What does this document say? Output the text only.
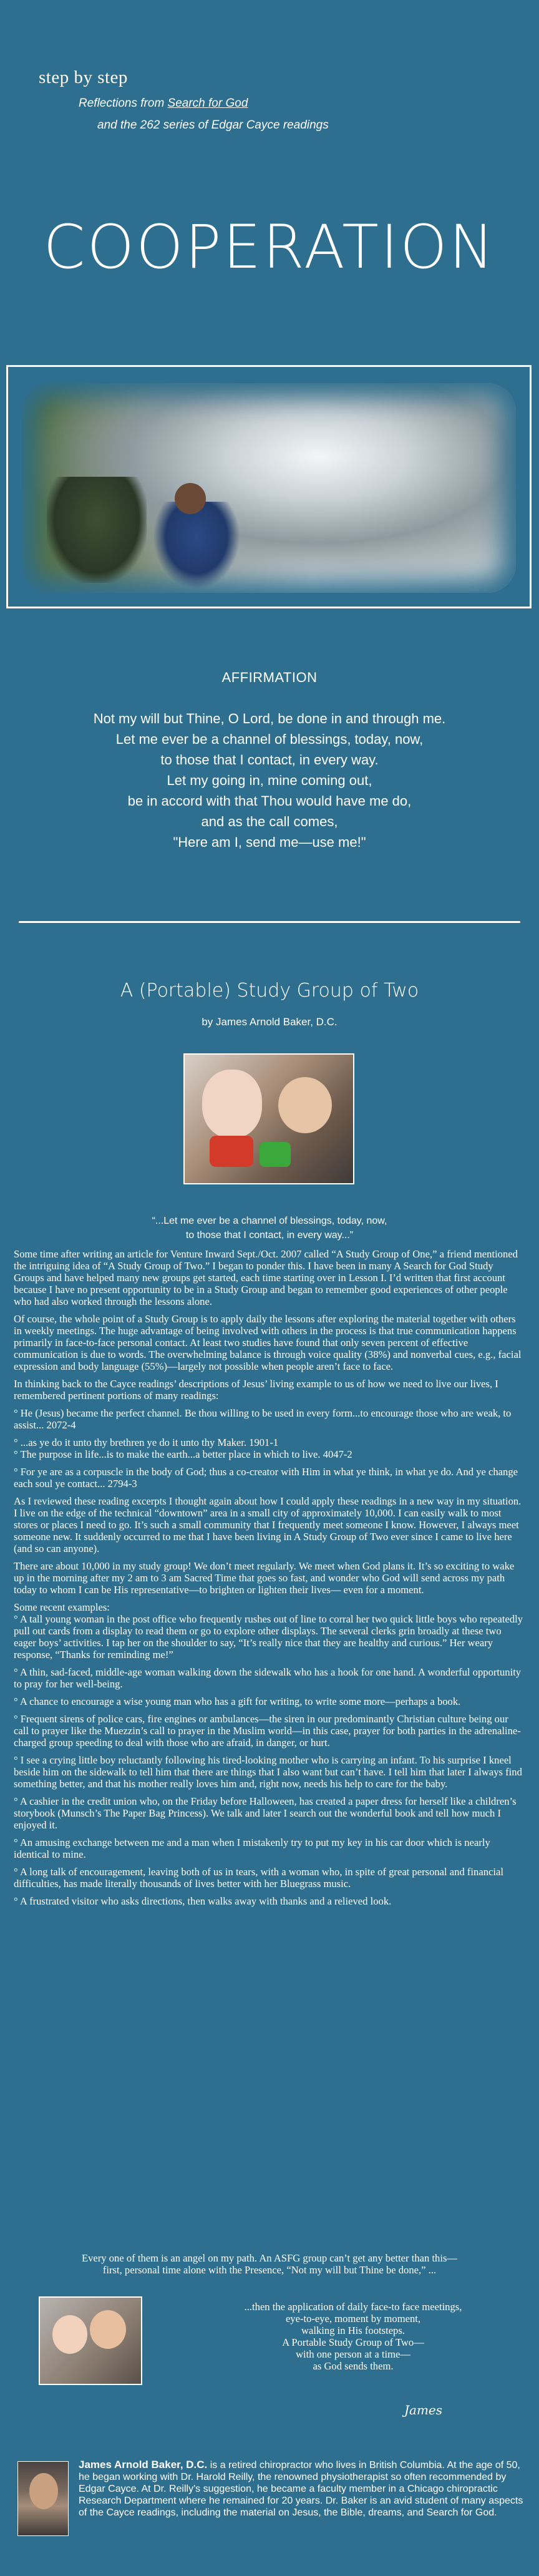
step by step
Reflections from Search for God
and the 262 series of Edgar Cayce readings
COOPERATION
AFFIRMATION

Not my will but Thine, O Lord, be done in and through me.

Let me ever be a channel of blessings, today, now,

to those that I contact, in every way.

Let my going in, mine coming out,

be in accord with that Thou would have me do,

and as the call comes,

"Here am I, send me—use me!"

A (Portable) Study Group of Two
by James Arnold Baker, D.C.
“...Let me ever be a channel of blessings, today, now,
to those that I contact, in every way...”

Some time after writing an article for Venture Inward Sept./Oct. 2007 called “A Study Group of One,” a friend mentioned the intriguing idea of “A Study Group of Two.” I began to ponder this. I have been in many A Search for God Study Groups and have helped many new groups get started, each time starting over in Lesson I. I’d written that first account because I have no present opportunity to be in a Study Group and began to remember good experiences of other people who had also worked through the lessons alone.

Of course, the whole point of a Study Group is to apply daily the lessons after exploring the material together with others in weekly meetings. The huge advantage of being involved with others in the process is that true communication happens primarily in face-to-face personal contact. At least two studies have found that only seven percent of effective communication is due to words. The overwhelming balance is through voice quality (38%) and nonverbal cues, e.g., facial expression and body language (55%)—largely not possible when people aren’t face to face.

In thinking back to the Cayce readings’ descriptions of Jesus’ living example to us of how we need to live our lives, I remembered pertinent portions of many readings:

° He (Jesus) became the perfect channel. Be thou willing to be used in every form...to encourage those who are weak, to assist... 2072-4

° ...as ye do it unto thy brethren ye do it unto thy Maker. 1901-1

° The purpose in life...is to make the earth...a better place in which to live. 4047-2

° For ye are as a corpuscle in the body of God; thus a co-creator with Him in what ye think, in what ye do. And ye change each soul ye contact... 2794-3

As I reviewed these reading excerpts I thought again about how I could apply these readings in a new way in my situation. I live on the edge of the technical “downtown” area in a small city of approximately 10,000. I can easily walk to most stores or places I need to go. It’s such a small community that I frequently meet someone I know. However, I always meet someone new. It suddenly occurred to me that I have been living in A Study Group of Two ever since I came to live here (and so can anyone).

There are about 10,000 in my study group! We don’t meet regularly. We meet when God plans it. It’s so exciting to wake up in the morning after my 2 am to 3 am Sacred Time that goes so fast, and wonder who God will send across my path today to whom I can be His representative—to brighten or lighten their lives— even for a moment.

Some recent examples:

° A tall young woman in the post office who frequently rushes out of line to corral her two quick little boys who repeatedly pull out cards from a display to read them or go to explore other displays. The several clerks grin broadly at these two eager boys’ activities. I tap her on the shoulder to say, “It’s really nice that they are healthy and curious.” Her weary response, “Thanks for reminding me!”

° A thin, sad-faced, middle-age woman walking down the sidewalk who has a hook for one hand. A wonderful opportunity to pray for her well-being.

° A chance to encourage a wise young man who has a gift for writing, to write some more—perhaps a book.

° Frequent sirens of police cars, fire engines or ambulances—the siren in our predominantly Christian culture being our call to prayer like the Muezzin’s call to prayer in the Muslim world—in this case, prayer for both parties in the adrenaline-charged group speeding to deal with those who are afraid, in danger, or hurt.

° I see a crying little boy reluctantly following his tired-looking mother who is carrying an infant. To his surprise I kneel beside him on the sidewalk to tell him that there are things that I also want but can’t have. I tell him that later I always find something better, and that his mother really loves him and, right now, needs his help to care for the baby.

° A cashier in the credit union who, on the Friday before Halloween, has created a paper dress for herself like a children’s storybook (Munsch’s The Paper Bag Princess). We talk and later I search out the wonderful book and tell how much I enjoyed it.

° An amusing exchange between me and a man when I mistakenly try to put my key in his car door which is nearly identical to mine.

° A long talk of encouragement, leaving both of us in tears, with a woman who, in spite of great personal and financial difficulties, has made literally thousands of lives better with her Bluegrass music.

° A frustrated visitor who asks directions, then walks away with thanks and a relieved look.

Every one of them is an angel on my path. An ASFG group can’t get any better than this—

first, personal time alone with the Presence, “Not my will but Thine be done,” ...

...then the application of daily face-to face meetings,

eye-to-eye, moment by moment,

walking in His footsteps.

A Portable Study Group of Two—

with one person at a time—

as God sends them.

James
James Arnold Baker, D.C. is a retired chiropractor who lives in British Columbia. At the age of 50, he began working with Dr. Harold Reilly, the renowned physiotherapist so often recommended by Edgar Cayce. At Dr. Reilly's suggestion, he became a faculty member in a Chicago chiropractic Research Department where he remained for 20 years. Dr. Baker is an avid student of many aspects of the Cayce readings, including the material on Jesus, the Bible, dreams, and Search for God.
